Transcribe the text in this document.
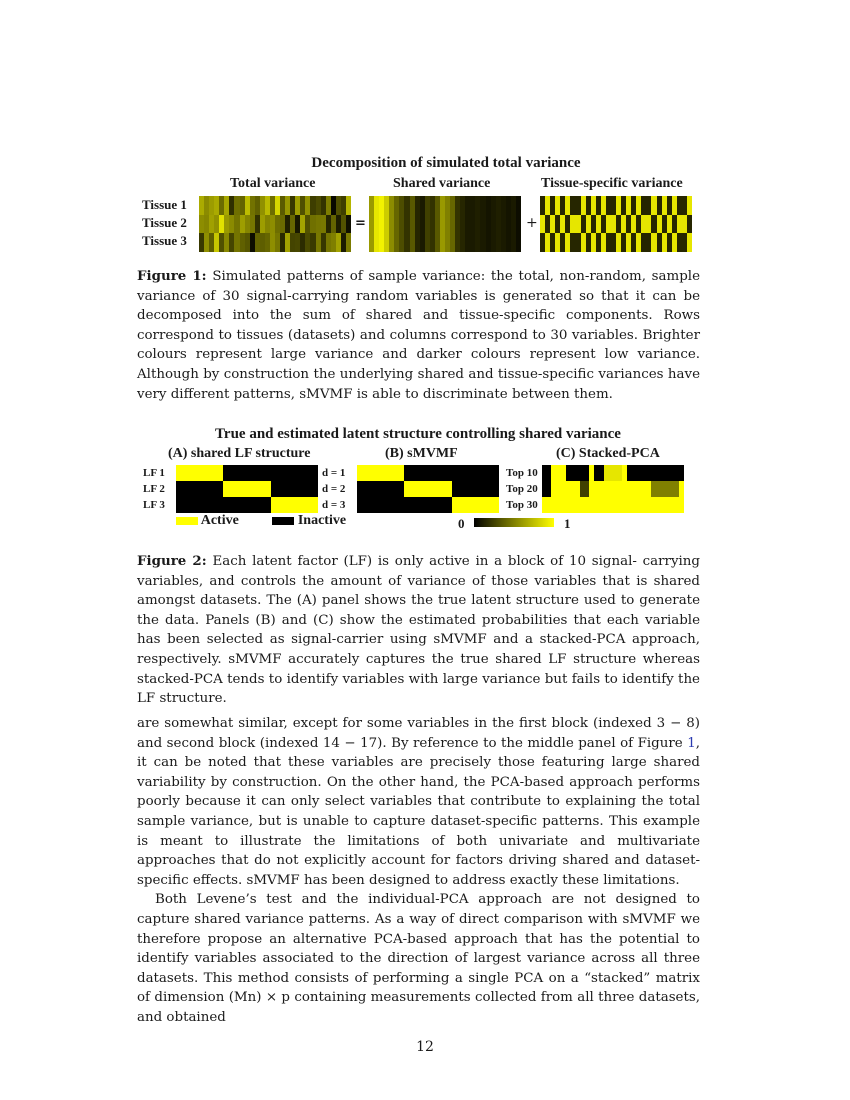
Decomposition of simulated total variance
Total variance	Shared variance	Tissue-specific variance
Tissue 1
Tissue 2
Tissue 3
=	+
Figure 1: Simulated patterns of sample variance: the total, non-random, sample variance of 30 signal-carrying random variables is generated so that it can be decomposed into the sum of shared and tissue-specific components. Rows correspond to tissues (datasets) and columns correspond to 30 variables. Brighter colours represent large variance and darker colours represent low variance. Although by construction the underlying shared and tissue-specific variances have very different patterns, sMVMF is able to discriminate between them.
True and estimated latent structure controlling shared variance
(A) shared LF structure	(B) sMVMF	(C) Stacked-PCA
LF 1
LF 2
LF 3
d = 1
d = 2
d = 3
Top 10
Top 20
Top 30
Active	Inactive	0	1
Figure 2: Each latent factor (LF) is only active in a block of 10 signal- carrying variables, and controls the amount of variance of those variables that is shared amongst datasets. The (A) panel shows the true latent structure used to generate the data. Panels (B) and (C) show the estimated probabilities that each variable has been selected as signal-carrier using sMVMF and a stacked-PCA approach, respectively. sMVMF accurately captures the true shared LF structure whereas stacked-PCA tends to identify variables with large variance but fails to identify the LF structure.

are somewhat similar, except for some variables in the first block (indexed 3 − 8) and second block (indexed 14 − 17). By reference to the middle panel of Figure 1, it can be noted that these variables are precisely those featuring large shared variability by construction. On the other hand, the PCA-based approach performs poorly because it can only select variables that contribute to explaining the total sample variance, but is unable to capture dataset-specific patterns. This example is meant to illustrate the limitations of both univariate and multivariate approaches that do not explicitly account for factors driving shared and dataset-specific effects. sMVMF has been designed to address exactly these limitations.

Both Levene’s test and the individual-PCA approach are not designed to capture shared variance patterns. As a way of direct comparison with sMVMF we therefore propose an alternative PCA-based approach that has the potential to identify variables associated to the direction of largest variance across all three datasets. This method consists of performing a single PCA on a “stacked” matrix of dimension (Mn) × p containing measurements collected from all three datasets, and obtained

12
